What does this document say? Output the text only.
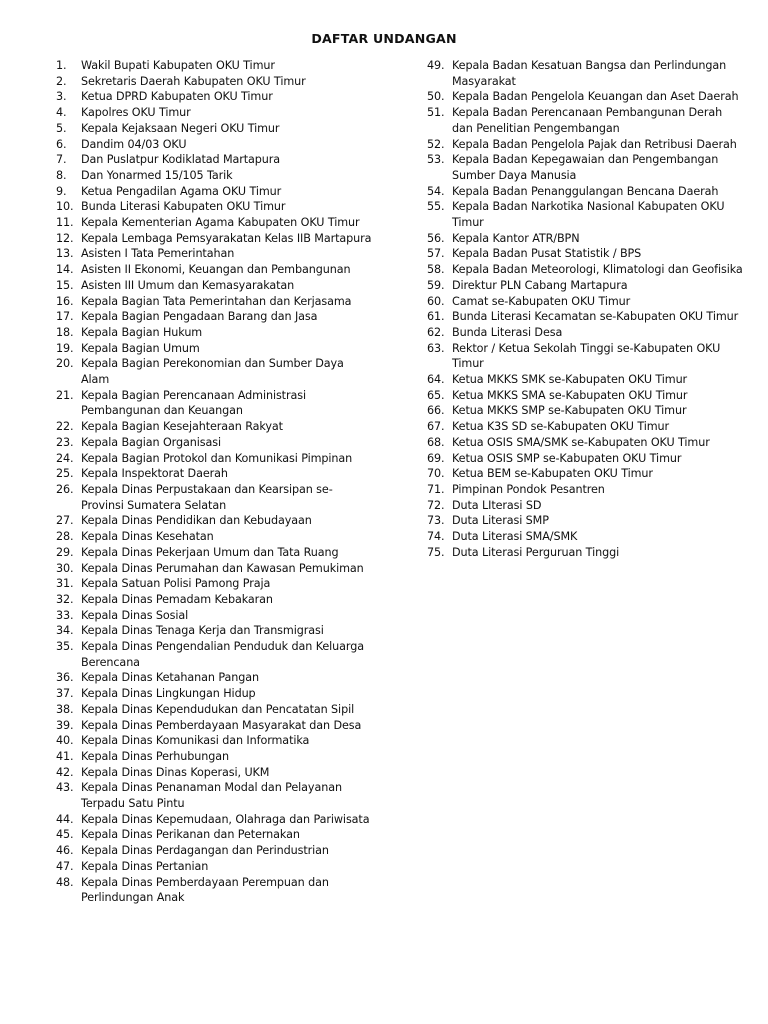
DAFTAR UNDANGAN
1.	Wakil Bupati Kabupaten OKU Timur
2.	Sekretaris Daerah Kabupaten OKU Timur
3.	Ketua DPRD Kabupaten OKU Timur
4.	Kapolres OKU Timur
5.	Kepala Kejaksaan Negeri OKU Timur
6.	Dandim 04/03 OKU
7.	Dan Puslatpur Kodiklatad Martapura
8.	Dan Yonarmed 15/105 Tarik
9.	Ketua Pengadilan Agama OKU Timur
10. Bunda Literasi Kabupaten OKU Timur
11. Kepala Kementerian Agama Kabupaten OKU Timur
12. Kepala Lembaga Pemsyarakatan Kelas IIB Martapura
13. Asisten I Tata Pemerintahan
14. Asisten II Ekonomi, Keuangan dan Pembangunan
15. Asisten III Umum dan Kemasyarakatan
16. Kepala Bagian Tata Pemerintahan dan Kerjasama
17. Kepala Bagian Pengadaan Barang dan Jasa
18. Kepala Bagian Hukum
19. Kepala Bagian Umum
20. Kepala Bagian Perekonomian dan Sumber Daya Alam
21. Kepala Bagian Perencanaan Administrasi Pembangunan dan Keuangan
22. Kepala Bagian Kesejahteraan Rakyat
23. Kepala Bagian Organisasi
24. Kepala Bagian Protokol dan Komunikasi Pimpinan
25. Kepala Inspektorat Daerah
26. Kepala Dinas Perpustakaan dan Kearsipan se-Provinsi Sumatera Selatan
27. Kepala Dinas Pendidikan dan Kebudayaan
28. Kepala Dinas Kesehatan
29. Kepala Dinas Pekerjaan Umum dan Tata Ruang
30. Kepala Dinas Perumahan dan Kawasan Pemukiman
31. Kepala Satuan Polisi Pamong Praja
32. Kepala Dinas Pemadam Kebakaran
33. Kepala Dinas Sosial
34. Kepala Dinas Tenaga Kerja dan Transmigrasi
35. Kepala Dinas Pengendalian Penduduk dan Keluarga Berencana
36. Kepala Dinas Ketahanan Pangan
37. Kepala Dinas Lingkungan Hidup
38. Kepala Dinas Kependudukan dan Pencatatan Sipil
39. Kepala Dinas Pemberdayaan Masyarakat dan Desa
40. Kepala Dinas Komunikasi dan Informatika
41. Kepala Dinas Perhubungan
42. Kepala Dinas Dinas Koperasi, UKM
43. Kepala Dinas Penanaman Modal dan Pelayanan Terpadu Satu Pintu
44. Kepala Dinas Kepemudaan, Olahraga dan Pariwisata
45. Kepala Dinas Perikanan dan Peternakan
46. Kepala Dinas Perdagangan dan Perindustrian
47. Kepala Dinas Pertanian
48. Kepala Dinas Pemberdayaan Perempuan dan Perlindungan Anak
49. Kepala Badan Kesatuan Bangsa dan Perlindungan Masyarakat
50. Kepala Badan Pengelola Keuangan dan Aset Daerah
51. Kepala Badan Perencanaan Pembangunan Derah dan Penelitian Pengembangan
52. Kepala Badan Pengelola Pajak dan Retribusi Daerah
53. Kepala Badan Kepegawaian dan Pengembangan Sumber Daya Manusia
54. Kepala Badan Penanggulangan Bencana Daerah
55. Kepala Badan Narkotika Nasional Kabupaten OKU Timur
56. Kepala Kantor ATR/BPN
57. Kepala Badan Pusat Statistik / BPS
58. Kepala Badan Meteorologi, Klimatologi dan Geofisika
59. Direktur PLN Cabang Martapura
60. Camat se-Kabupaten OKU Timur
61. Bunda Literasi Kecamatan se-Kabupaten OKU Timur
62. Bunda Literasi Desa
63. Rektor / Ketua Sekolah Tinggi se-Kabupaten OKU Timur
64. Ketua MKKS SMK se-Kabupaten OKU Timur
65. Ketua MKKS SMA se-Kabupaten OKU Timur
66. Ketua MKKS SMP se-Kabupaten OKU Timur
67. Ketua K3S SD se-Kabupaten OKU Timur
68. Ketua OSIS SMA/SMK se-Kabupaten OKU Timur
69. Ketua OSIS SMP se-Kabupaten OKU Timur
70. Ketua BEM se-Kabupaten OKU Timur
71. Pimpinan Pondok Pesantren
72. Duta LIterasi SD
73. Duta Literasi SMP
74. Duta Literasi SMA/SMK
75. Duta Literasi Perguruan Tinggi
